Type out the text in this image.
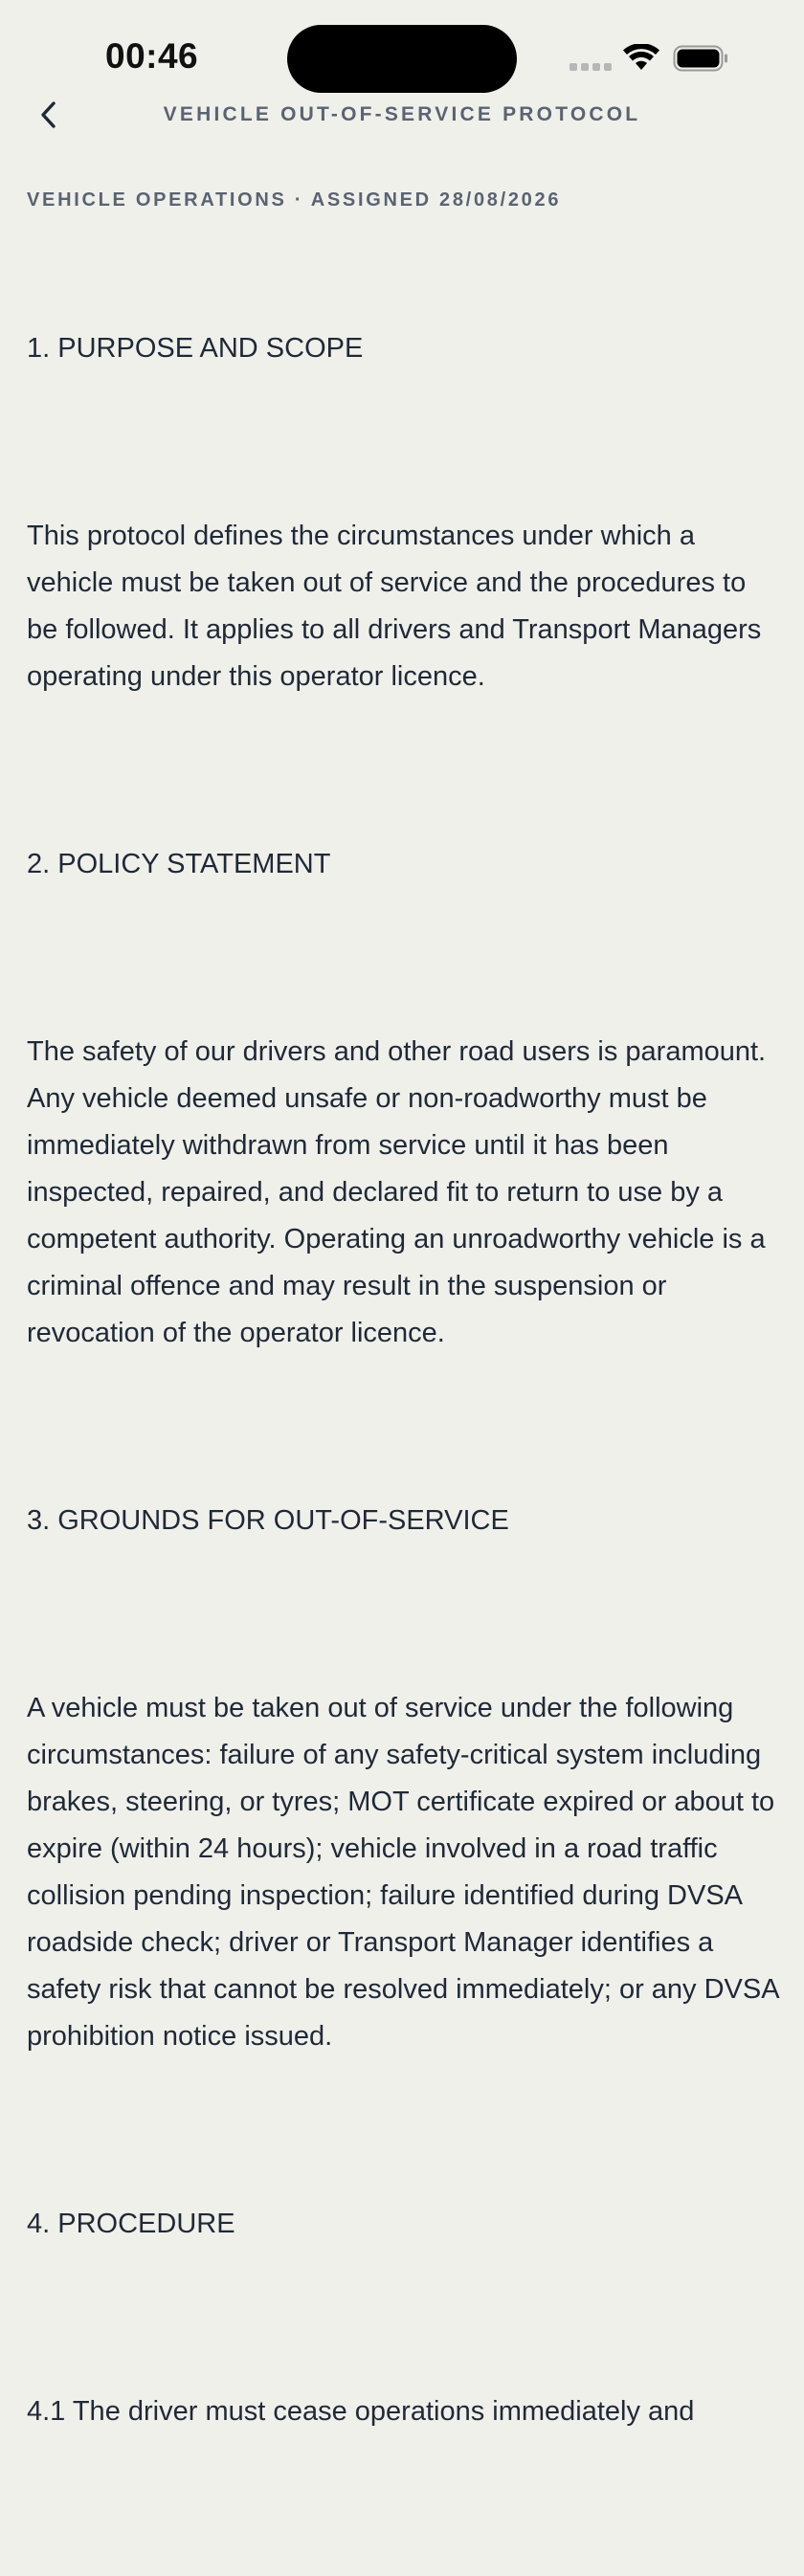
00:46
VEHICLE OUT-OF-SERVICE PROTOCOL
VEHICLE OPERATIONS · ASSIGNED 28/08/2026

1. PURPOSE AND SCOPE

This protocol defines the circumstances under which a vehicle must be taken out of service and the procedures to be followed. It applies to all drivers and Transport Managers operating under this operator licence.

2. POLICY STATEMENT

The safety of our drivers and other road users is paramount. Any vehicle deemed unsafe or non-roadworthy must be immediately withdrawn from service until it has been inspected, repaired, and declared fit to return to use by a competent authority. Operating an unroadworthy vehicle is a criminal offence and may result in the suspension or revocation of the operator licence.

3. GROUNDS FOR OUT-OF-SERVICE

A vehicle must be taken out of service under the following circumstances: failure of any safety-critical system including brakes, steering, or tyres; MOT certificate expired or about to expire (within 24 hours); vehicle involved in a road traffic collision pending inspection; failure identified during DVSA roadside check; driver or Transport Manager identifies a safety risk that cannot be resolved immediately; or any DVSA prohibition notice issued.

4. PROCEDURE

4.1 The driver must cease operations immediately and
